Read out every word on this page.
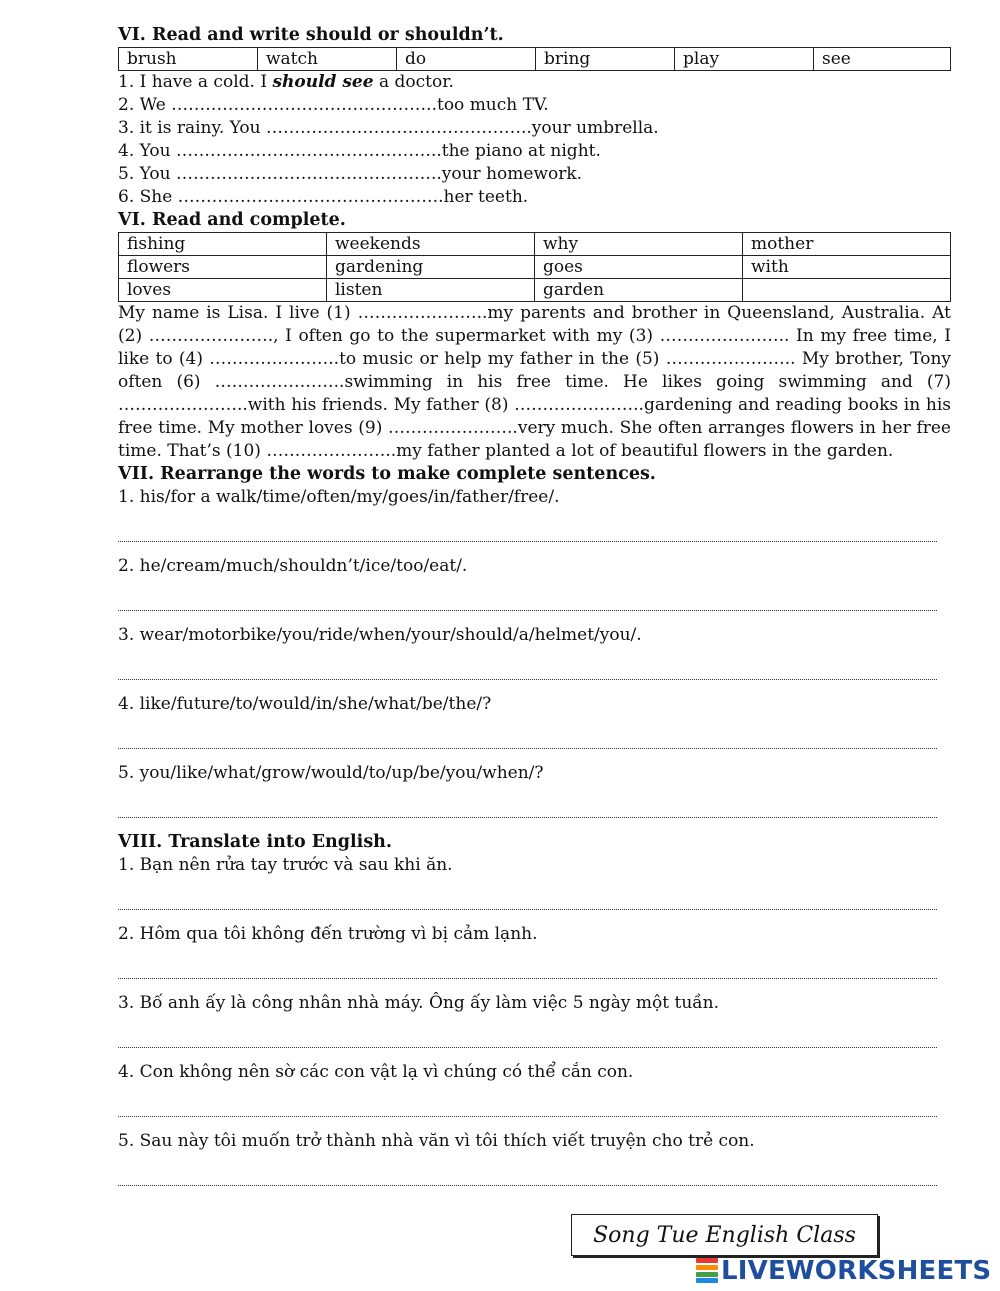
VI. Read and write should or shouldn’t.

brush	watch	do	bring	play	see

1. I have a cold. I should see a doctor.

2. We ………………………………………..too much TV.

3. it is rainy. You ………………………………………..your umbrella.

4. You ………………………………………..the piano at night.

5. You ………………………………………..your homework.

6. She ………………………………………..her teeth.

VI. Read and complete.

fishing	weekends	why	mother
flowers	gardening	goes	with
loves	listen	garden	

My name is Lisa. I live (1) …………………..my parents and brother in Queensland, Australia. At (2) …………………., I often go to the supermarket with my (3) ………………….. In my free time, I like to (4) …………………..to music or help my father in the (5) ………………….. My brother, Tony often (6) …………………..swimming in his free time. He likes going swimming and (7) …………………..with his friends. My father (8) …………………..gardening and reading books in his free time. My mother loves (9) …………………..very much. She often arranges flowers in her free time. That’s (10) …………………..my father planted a lot of beautiful flowers in the garden.

VII. Rearrange the words to make complete sentences.

1. his/for a walk/time/often/my/goes/in/father/free/.

2. he/cream/much/shouldn’t/ice/too/eat/.

3. wear/motorbike/you/ride/when/your/should/a/helmet/you/.

4. like/future/to/would/in/she/what/be/the/?

5. you/like/what/grow/would/to/up/be/you/when/?

VIII. Translate into English.

1. Bạn nên rửa tay trước và sau khi ăn.

2. Hôm qua tôi không đến trường vì bị cảm lạnh.

3. Bố anh ấy là công nhân nhà máy. Ông ấy làm việc 5 ngày một tuần.

4. Con không nên sờ các con vật lạ vì chúng có thể cắn con.

5. Sau này tôi muốn trở thành nhà văn vì tôi thích viết truyện cho trẻ con.

Song Tue English Class
LIVEWORKSHEETS
